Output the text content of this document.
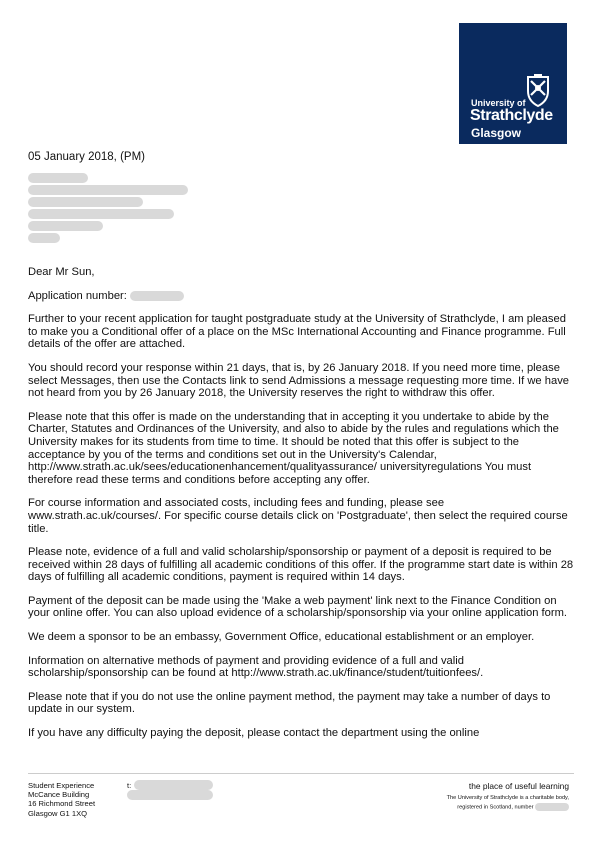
University of
Strathclyde
Glasgow
05 January 2018, (PM)

Dear Mr Sun,

Application number:

Further to your recent application for taught postgraduate study at the University of Strathclyde, I am pleased to make you a Conditional offer of a place on the MSc International Accounting and Finance programme. Full details of the offer are attached.

You should record your response within 21 days, that is, by 26 January 2018. If you need more time, please select Messages, then use the Contacts link to send Admissions a message requesting more time. If we have not heard from you by 26 January 2018, the University reserves the right to withdraw this offer.

Please note that this offer is made on the understanding that in accepting it you undertake to abide by the Charter, Statutes and Ordinances of the University, and also to abide by the rules and regulations which the University makes for its students from time to time. It should be noted that this offer is subject to the acceptance by you of the terms and conditions set out in the University's Calendar, http://www.strath.ac.uk/sees/educationenhancement/qualityassurance/ universityregulations You must therefore read these terms and conditions before accepting any offer.

For course information and associated costs, including fees and funding, please see www.strath.ac.uk/courses/. For specific course details click on 'Postgraduate', then select the required course title.

Please note, evidence of a full and valid scholarship/sponsorship or payment of a deposit is required to be received within 28 days of fulfilling all academic conditions of this offer. If the programme start date is within 28 days of fulfilling all academic conditions, payment is required within 14 days.

Payment of the deposit can be made using the 'Make a web payment' link next to the Finance Condition on your online offer. You can also upload evidence of a scholarship/sponsorship via your online application form.

We deem a sponsor to be an embassy, Government Office, educational establishment or an employer.

Information on alternative methods of payment and providing evidence of a full and valid scholarship/sponsorship can be found at http://www.strath.ac.uk/finance/student/tuitionfees/.

Please note that if you do not use the online payment method, the payment may take a number of days to update in our system.

If you have any difficulty paying the deposit, please contact the department using the online

Student Experience
McCance Building
16 Richmond Street
Glasgow G1 1XQ
t:	the place of useful learning
The University of Strathclyde is a charitable body,
registered in Scotland, number
